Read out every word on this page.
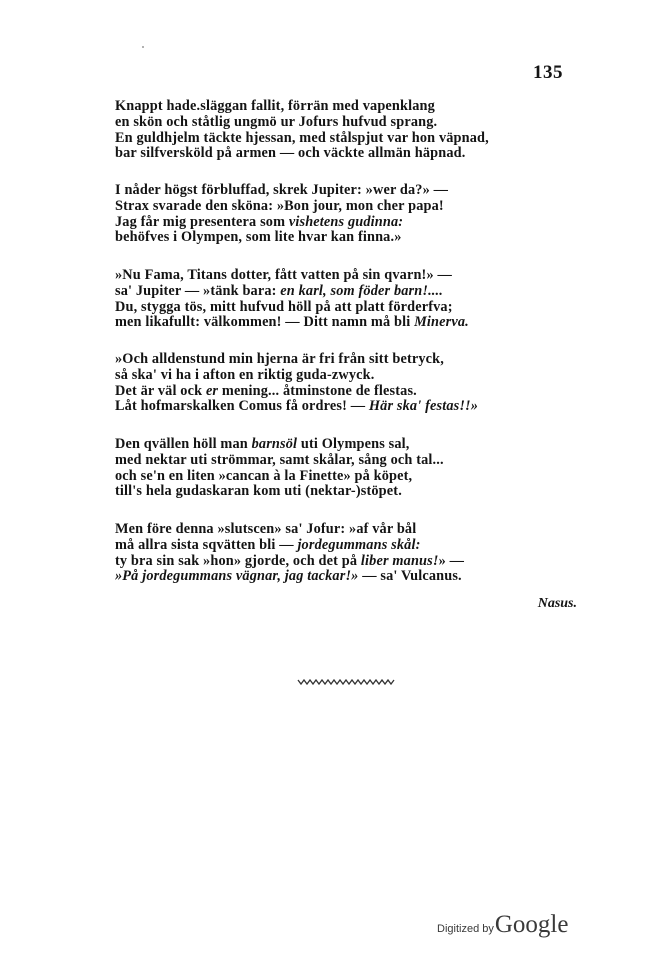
135
Knappt hade.släggan fallit, förrän med vapenklang
en skön och ståtlig ungmö ur Jofurs hufvud sprang.
En guldhjelm täckte hjessan, med stålspjut var hon väpnad,
bar silfversköld på armen — och väckte allmän häpnad.
I nåder högst förbluffad, skrek Jupiter: »wer da?» —
Strax svarade den sköna: »Bon jour, mon cher papa!
Jag får mig presentera som vishetens gudinna:
behöfves i Olympen, som lite hvar kan finna.»
»Nu Fama, Titans dotter, fått vatten på sin qvarn!» —
sa' Jupiter — »tänk bara: en karl, som föder barn!....
Du, stygga tös, mitt hufvud höll på att platt förderfva;
men likafullt: välkommen! — Ditt namn må bli Minerva.
»Och alldenstund min hjerna är fri från sitt betryck,
så ska' vi ha i afton en riktig guda-zwyck.
Det är väl ock er mening... åtminstone de flestas.
Låt hofmarskalken Comus få ordres! — Här ska' festas!!»
Den qvällen höll man barnsöl uti Olympens sal,
med nektar uti strömmar, samt skålar, sång och tal...
och se'n en liten »cancan à la Finette» på köpet,
till's hela gudaskaran kom uti (nektar-)stöpet.
Men före denna »slutscen» sa' Jofur: »af vår bål
må allra sista sqvätten bli — jordegummans skål:
ty bra sin sak »hon» gjorde, och det på liber manus!» —
»På jordegummans vägnar, jag tackar!» — sa' Vulcanus.
Nasus.
Digitized by Google
